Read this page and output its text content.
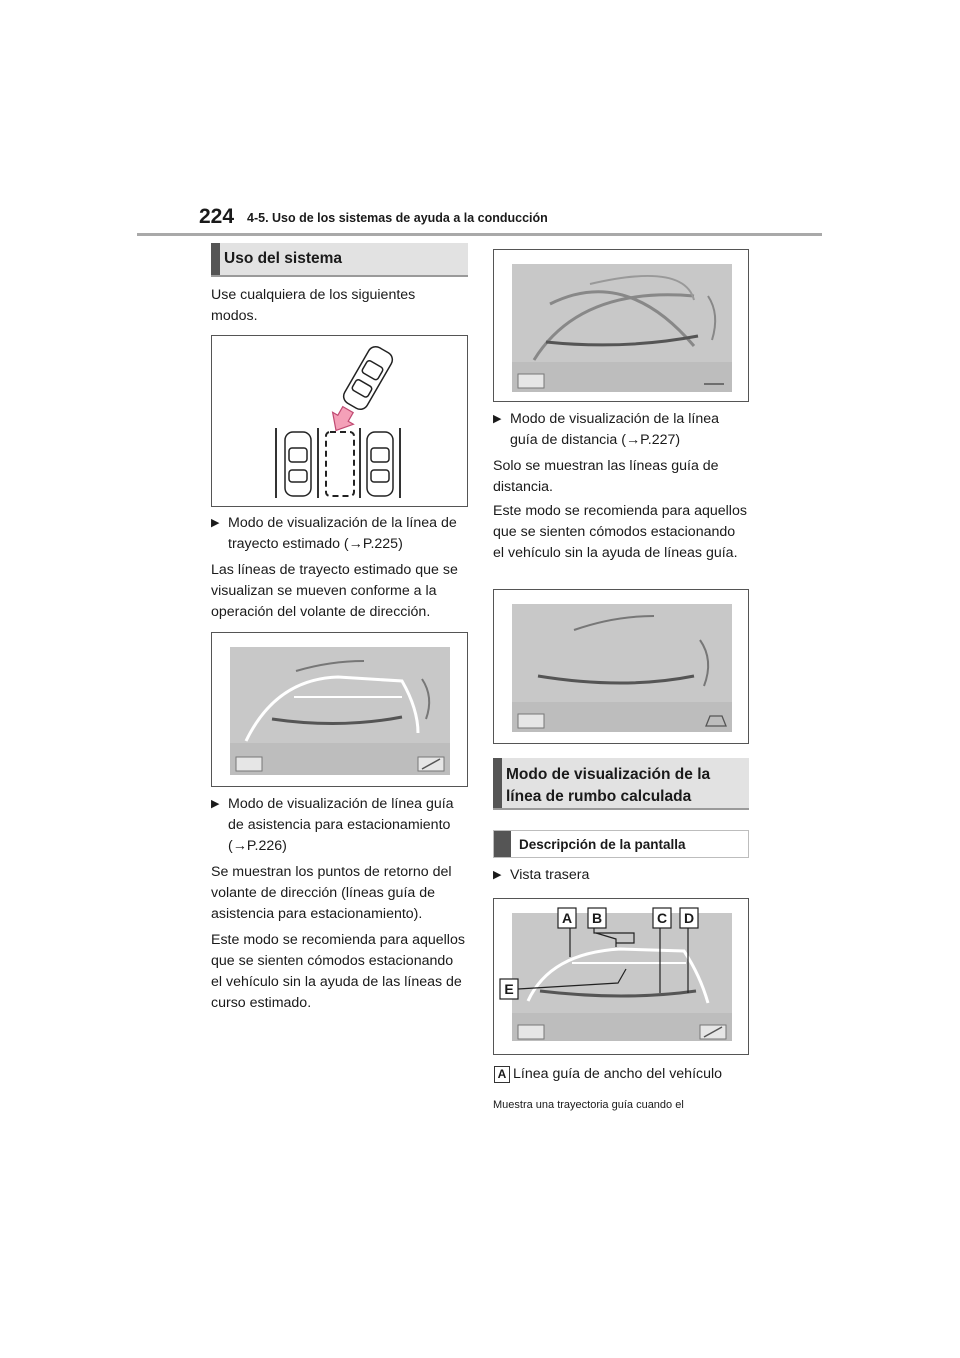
224 4-5. Uso de los sistemas de ayuda a la conducción
Uso del sistema
Use cualquiera de los siguientes modos.
▶ Modo de visualización de la línea de trayecto estimado (→P.225)
Las líneas de trayecto estimado que se visualizan se mueven conforme a la operación del volante de dirección.
▶ Modo de visualización de línea guía de asistencia para estacionamiento (→P.226)
Se muestran los puntos de retorno del volante de dirección (líneas guía de asistencia para estacionamiento).
Este modo se recomienda para aquellos que se sienten cómodos estacionando el vehículo sin la ayuda de las líneas de curso estimado.
▶ Modo de visualización de la línea guía de distancia (→P.227)
Solo se muestran las líneas guía de distancia.
Este modo se recomienda para aquellos que se sienten cómodos estacionando el vehículo sin la ayuda de líneas guía.
Modo de visualización de la línea de rumbo calculada
Descripción de la pantalla
▶ Vista trasera
A B	C D
E
A Línea guía de ancho del vehículo
Muestra una trayectoria guía cuando el
